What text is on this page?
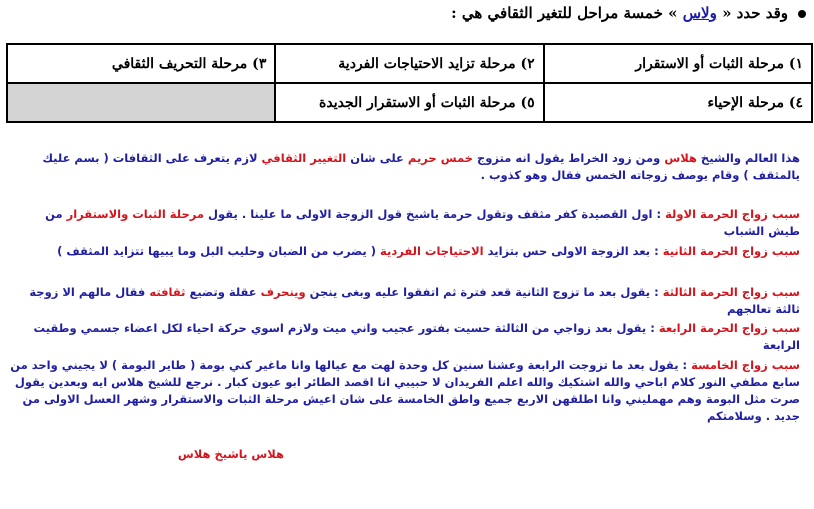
وقد حدد « ولاس » خمسة مراحل للتغير الثقافي هي :
١) مرحلة الثبات أو الاستقرار	٢) مرحلة تزايد الاحتياجات الفردية	٣) مرحلة التحريف الثقافي
٤) مرحلة الإحياء	٥) مرحلة الثبات أو الاستقرار الجديدة	
هذا العالم والشيخ هلاس ومن زود الخراط يقول انه متزوج خمس حريم على شان التغيير الثقافي لازم يتعرف على الثقافات ( بسم عليك يالمثقف ) وقام يوصف زوجاته الخمس فقال وهو كذوب .
سبب زواج الحرمة الاولة : اول القصيدة كفر مثقف وتقول حرمة ياشيخ قول الزوجة الاولى ما علينا . يقول مرحلة الثبات والاستقرار من طيش الشباب
سبب زواج الحرمة الثانية : بعد الزوجة الاولى حس بتزايد الاحتياجات الفردية ( يضرب من الضبان وحليب البل وما يبيها تتزايد المثقف )
سبب زواج الحرمة الثالثة : يقول بعد ما تزوج الثانية قعد فترة ثم اتفقوا عليه وبغى ينجن وينحرف عقلة وتضيع ثقافته فقال مالهم الا زوجة ثالثة تعالجهم
سبب زواج الحرمة الرابعة : يقول بعد زواجي من الثالثة حسيت بفتور عجيب واني ميت ولازم اسوي حركة احياء لكل اعضاء جسمي وطقيت الرابعة
سبب زواج الخامسة : يقول بعد ما تزوجت الرابعة وعشنا سنين كل وحدة لهت مع عيالها وانا ماغير كني بومة ( طاير البومة ) لا يجيني واحد من سابع مطفي النور كلام اباحي والله اشتكيك والله اعلم الفريدان لا حبيبي انا اقصد الطائر ابو عيون كبار . نرجع للشيخ هلاس ايه وبعدين يقول صرت مثل البومة وهم مهمليني وانا اطلقهن الاربع جميع واطق الخامسة على شان اعيش مرحلة الثبات والاستقرار وشهر العسل الاولى من جديد . وسلامتكم
هلاس ياشيخ هلاس
